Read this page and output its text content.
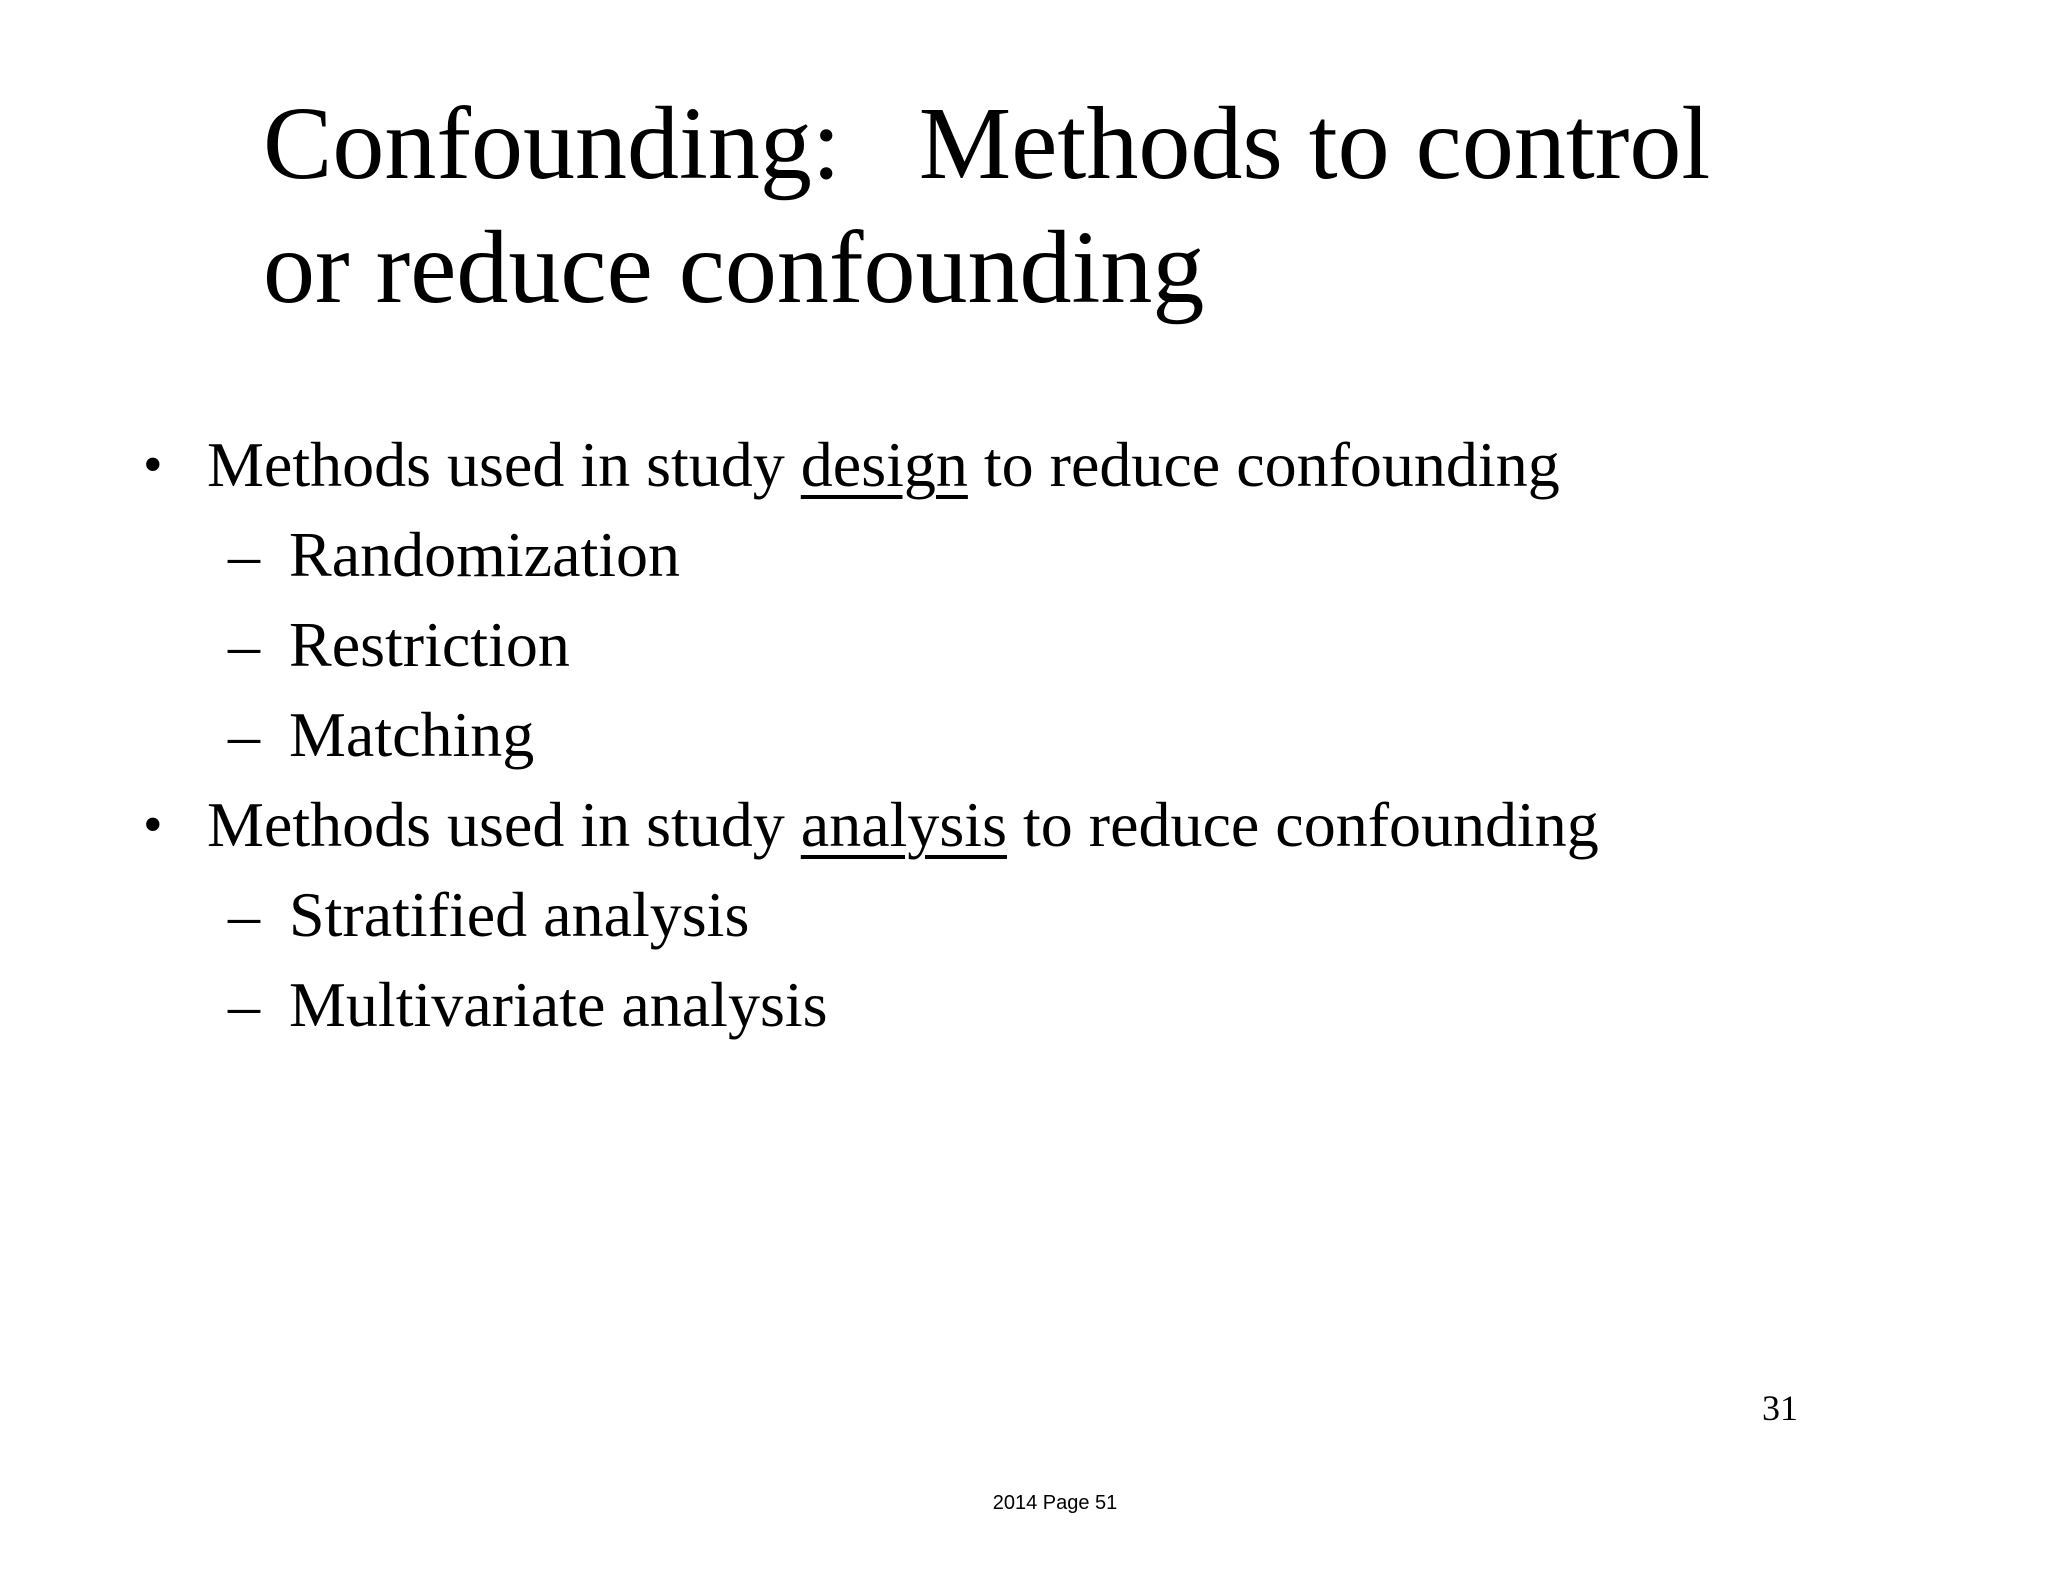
Confounding:   Methods to control
or reduce confounding

•

Methods used in study design to reduce confounding

–

Randomization

–

Restriction

–

Matching

•

Methods used in study analysis to reduce confounding

–

Stratified analysis

–

Multivariate analysis

31
2014 Page 51
